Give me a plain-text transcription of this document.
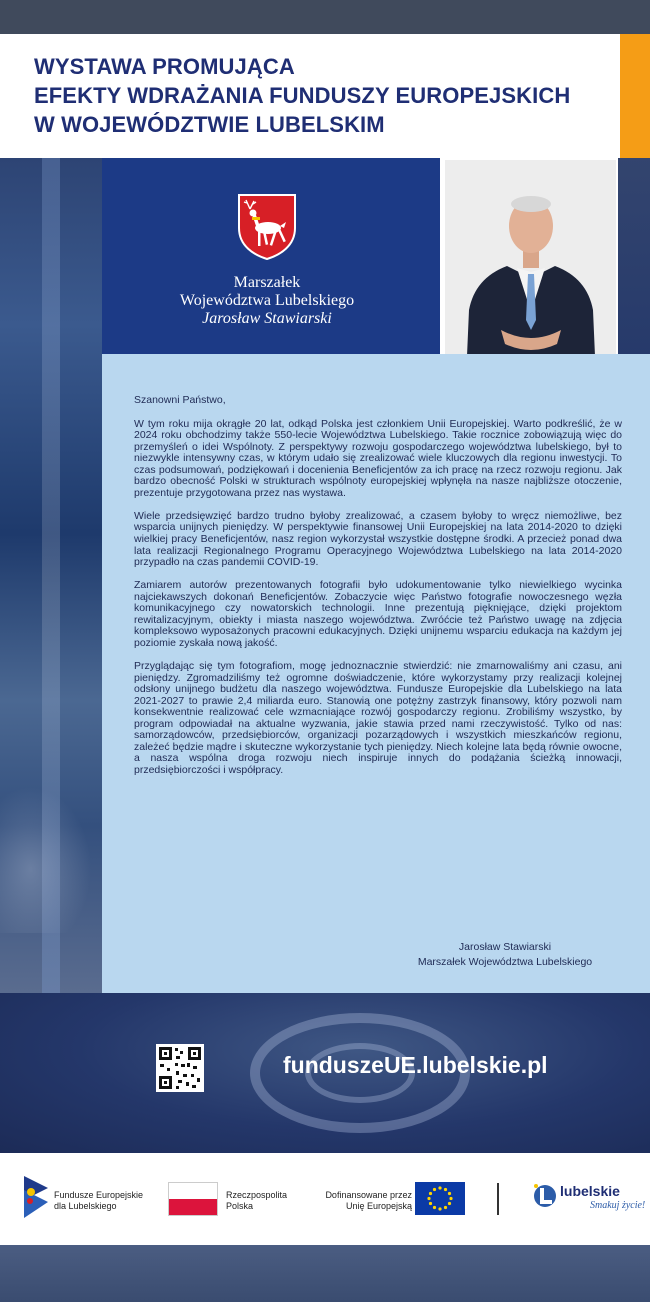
WYSTAWA PROMUJĄCA
EFEKTY WDRAŻANIA FUNDUSZY EUROPEJSKICH
W WOJEWÓDZTWIE LUBELSKIM
Marszałek
Województwa Lubelskiego
Jarosław Stawiarski

Szanowni Państwo,

W tym roku mija okrągłe 20 lat, odkąd Polska jest członkiem Unii Europejskiej. Warto podkreślić, że w 2024 roku obchodzimy także 550-lecie Województwa Lubelskiego. Takie rocznice zobowiązują więc do przemyśleń o idei Wspólnoty. Z perspektywy rozwoju gospodarczego województwa lubelskiego, był to niezwykle intensywny czas, w którym udało się zrealizować wiele kluczowych dla regionu inwestycji. To czas podsumowań, podziękowań i docenienia Beneficjentów za ich pracę na rzecz rozwoju regionu. Jak bardzo obecność Polski w strukturach wspólnoty europejskiej wpłynęła na nasze najbliższe otoczenie, prezentuje przygotowana przez nas wystawa.

Wiele przedsięwzięć bardzo trudno byłoby zrealizować, a czasem byłoby to wręcz niemożliwe, bez wsparcia unijnych pieniędzy. W perspektywie finansowej Unii Europejskiej na lata 2014-2020 to dzięki wielkiej pracy Beneficjentów, nasz region wykorzystał wszystkie dostępne środki. A przecież ponad dwa lata realizacji Regionalnego Programu Operacyjnego Województwa Lubelskiego na lata 2014-2020 przypadło na czas pandemii COVID-19.

Zamiarem autorów prezentowanych fotografii było udokumentowanie tylko niewielkiego wycinka najciekawszych dokonań Beneficjentów. Zobaczycie więc Państwo fotografie nowoczesnego węzła komunikacyjnego czy nowatorskich technologii. Inne prezentują pięknięjące, dzięki projektom rewitalizacyjnym, obiekty i miasta naszego województwa. Zwróćcie też Państwo uwagę na zdjęcia kompleksowo wyposażonych pracowni edukacyjnych. Dzięki unijnemu wsparciu edukacja na każdym jej poziomie zyskała nową jakość.

Przyglądając się tym fotografiom, mogę jednoznacznie stwierdzić: nie zmarnowaliśmy ani czasu, ani pieniędzy. Zgromadziliśmy też ogromne doświadczenie, które wykorzystamy przy realizacji kolejnej odsłony unijnego budżetu dla naszego województwa. Fundusze Europejskie dla Lubelskiego na lata 2021-2027 to prawie 2,4 miliarda euro. Stanowią one potężny zastrzyk finansowy, który pozwoli nam konsekwentnie realizować cele wzmacniające rozwój gospodarczy regionu. Zrobiliśmy wszystko, by program odpowiadał na aktualne wyzwania, jakie stawia przed nami rzeczywistość. Tylko od nas: samorządowców, przedsiębiorców, organizacji pozarządowych i wszystkich mieszkańców regionu, zależeć będzie mądre i skuteczne wykorzystanie tych pieniędzy. Niech kolejne lata będą równie owocne, a nasza wspólna droga rozwoju niech inspiruje innych do podążania ścieżką innowacji, przedsiębiorczości i współpracy.

Jarosław Stawiarski
Marszałek Województwa Lubelskiego
funduszeUE.lubelskie.pl
Fundusze Europejskie
dla Lubelskiego
Rzeczpospolita
Polska
Dofinansowane przez
Unię Europejską
lubelskie
Smakuj życie!
